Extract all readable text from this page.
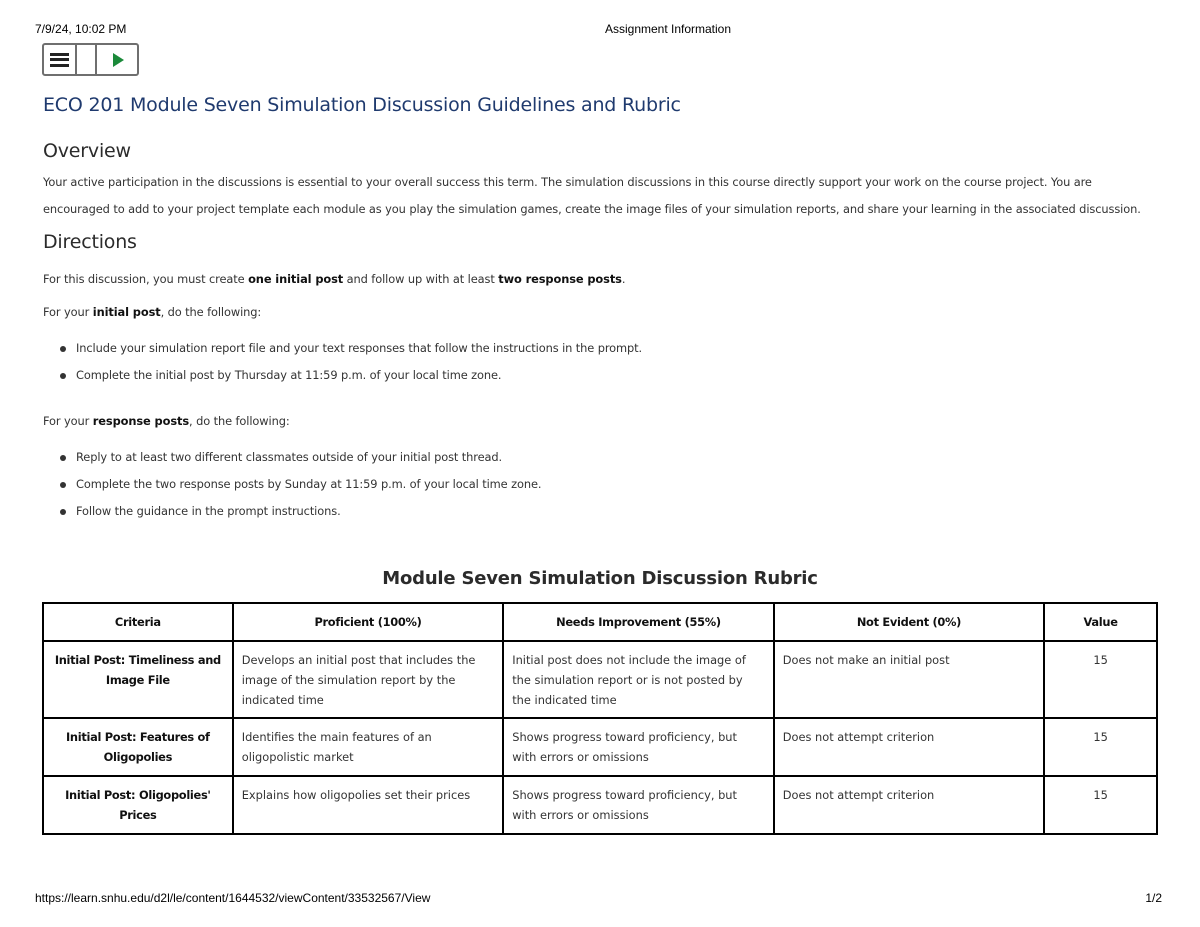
7/9/24, 10:02 PM	Assignment Information
ECO 201 Module Seven Simulation Discussion Guidelines and Rubric
Overview

Your active participation in the discussions is essential to your overall success this term. The simulation discussions in this course directly support your work on the course project. You are encouraged to add to your project template each module as you play the simulation games, create the image files of your simulation reports, and share your learning in the associated discussion.

Directions

For this discussion, you must create one initial post and follow up with at least two response posts.

For your initial post, do the following:

Include your simulation report file and your text responses that follow the instructions in the prompt.
Complete the initial post by Thursday at 11:59 p.m. of your local time zone.

For your response posts, do the following:

Reply to at least two different classmates outside of your initial post thread.
Complete the two response posts by Sunday at 11:59 p.m. of your local time zone.
Follow the guidance in the prompt instructions.
Module Seven Simulation Discussion Rubric
Criteria	Proficient (100%)	Needs Improvement (55%)	Not Evident (0%)	Value
Initial Post: Timeliness and Image File	Develops an initial post that includes the image of the simulation report by the indicated time	Initial post does not include the image of the simulation report or is not posted by the indicated time	Does not make an initial post	15
Initial Post: Features of Oligopolies	Identifies the main features of an oligopolistic market	Shows progress toward proficiency, but with errors or omissions	Does not attempt criterion	15
Initial Post: Oligopolies' Prices	Explains how oligopolies set their prices	Shows progress toward proficiency, but with errors or omissions	Does not attempt criterion	15
https://learn.snhu.edu/d2l/le/content/1644532/viewContent/33532567/View	1/2
